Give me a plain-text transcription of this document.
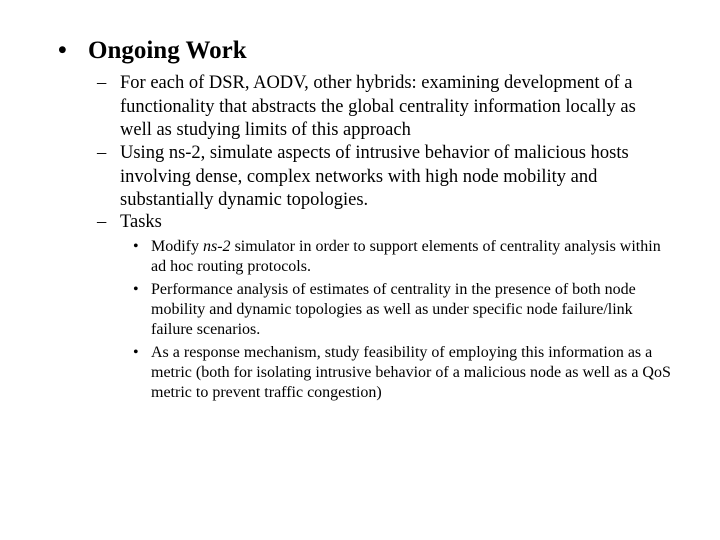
• Ongoing Work
– For each of DSR, AODV, other hybrids: examining development of a functionality that abstracts the global centrality information locally as well as studying limits of this approach
– Using ns-2, simulate aspects of intrusive behavior of malicious hosts involving dense, complex networks with high node mobility and substantially dynamic topologies.
– Tasks
• Modify ns-2 simulator in order to support elements of centrality analysis within ad hoc routing protocols.
• Performance analysis of estimates of centrality in the presence of both node mobility and dynamic topologies as well as under specific node failure/link failure scenarios.
• As a response mechanism, study feasibility of employing this information as a metric (both for isolating intrusive behavior of a malicious node as well as a QoS metric to prevent traffic congestion)
